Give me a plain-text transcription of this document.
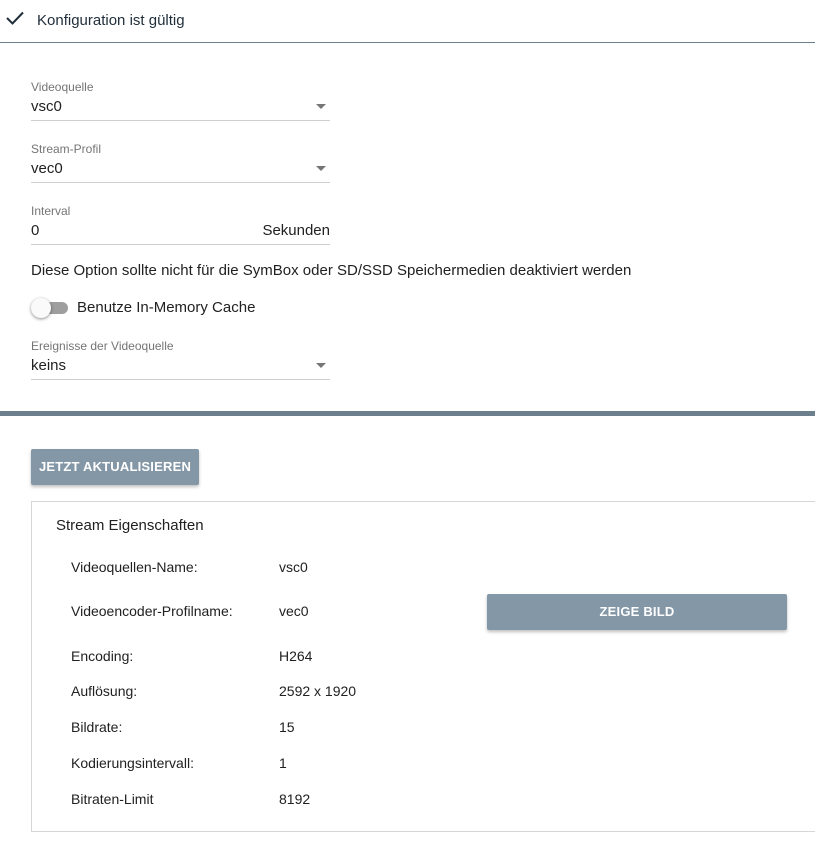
Konfiguration ist gültig
Videoquelle
vsc0
Stream-Profil
vec0
Interval
0	Sekunden
Diese Option sollte nicht für die SymBox oder SD/SSD Speichermedien deaktiviert werden
Benutze In-Memory Cache
Ereignisse der Videoquelle
keins
JETZT AKTUALISIEREN
Stream Eigenschaften
Videoquellen-Name:	vsc0
Videoencoder-Profilname:	vec0	ZEIGE BILD
Encoding:	H264
Auflösung:	2592 x 1920
Bildrate:	15
Kodierungsintervall:	1
Bitraten-Limit	8192
